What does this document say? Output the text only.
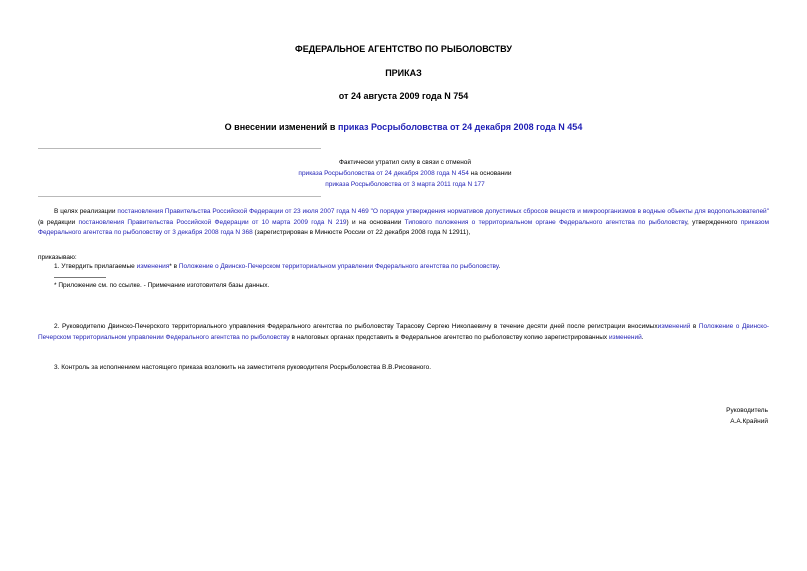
ФЕДЕРАЛЬНОЕ АГЕНТСТВО ПО РЫБОЛОВСТВУ
ПРИКАЗ
от 24 августа 2009 года N 754
О внесении изменений в приказ Росрыболовства от 24 декабря 2008 года N 454
Фактически утратил силу в связи с отменой
приказа Росрыболовства от 24 декабря 2008 года N 454 на основании
приказа Росрыболовства от 3 марта 2011 года N 177
В целях реализации постановления Правительства Российской Федерации от 23 июля 2007 года N 469 "О порядке утверждения нормативов допустимых сбросов веществ и микроорганизмов в водные объекты для водопользователей" (в редакции постановления Правительства Российской Федерации от 10 марта 2009 года N 219) и на основании Типового положения о территориальном органе Федерального агентства по рыболовству, утвержденного приказом Федерального агентства по рыболовству от 3 декабря 2008 года N 368 (зарегистрирован в Минюсте России от 22 декабря 2008 года N 12911),
приказываю:
1. Утвердить прилагаемые изменения* в Положение о Двинско-Печерском территориальном управлении Федерального агентства по рыболовству.
* Приложение см. по ссылке. - Примечание изготовителя базы данных.
2. Руководителю Двинско-Печерского территориального управления Федерального агентства по рыболовству Тарасову Сергею Николаевичу в течение десяти дней после регистрации вносимыхизменений в Положение о Двинско-Печерском территориальном управлении Федерального агентства по рыболовству в налоговых органах представить в Федеральное агентство по рыболовству копию зарегистрированных изменений.
3. Контроль за исполнением настоящего приказа возложить на заместителя руководителя Росрыболовства В.В.Рисованого.
Руководитель
А.А.Крайний
